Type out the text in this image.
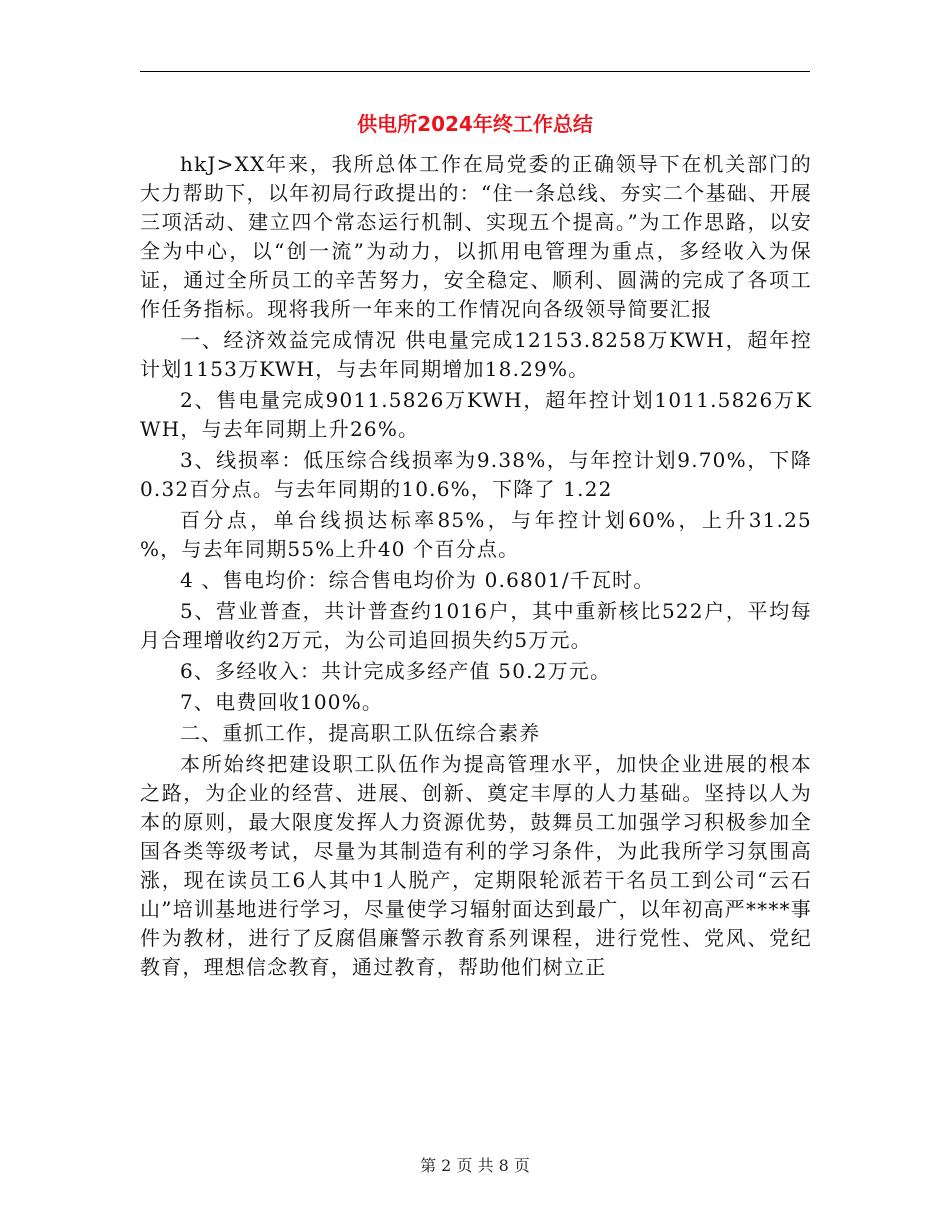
供电所2024年终工作总结

hkJ>XX年来，我所总体工作在局党委的正确领导下在机关部门的大力帮助下，以年初局行政提出的：“住一条总线、夯实二个基础、开展三项活动、建立四个常态运行机制、实现五个提高。”为工作思路，以安全为中心，以“创一流”为动力，以抓用电管理为重点，多经收入为保证，通过全所员工的辛苦努力，安全稳定、顺利、圆满的完成了各项工作任务指标。现将我所一年来的工作情况向各级领导简要汇报

一、经济效益完成情况 供电量完成12153.8258万KWH，超年控计划1153万KWH，与去年同期增加18.29%。

2、售电量完成9011.5826万KWH，超年控计划1011.5826万KWH，与去年同期上升26%。

3、线损率：低压综合线损率为9.38%，与年控计划9.70%，下降0.32百分点。与去年同期的10.6%，下降了 1.22

百分点，单台线损达标率85%，与年控计划60%，上升31.25 %，与去年同期55%上升40 个百分点。

4 、售电均价：综合售电均价为 0.6801/千瓦时。

5、营业普查，共计普查约1016户，其中重新核比522户，平均每月合理增收约2万元，为公司追回损失约5万元。

6、多经收入：共计完成多经产值 50.2万元。

7、电费回收100%。

二、重抓工作，提高职工队伍综合素养

本所始终把建设职工队伍作为提高管理水平，加快企业进展的根本之路，为企业的经营、进展、创新、奠定丰厚的人力基础。坚持以人为本的原则，最大限度发挥人力资源优势，鼓舞员工加强学习积极参加全国各类等级考试，尽量为其制造有利的学习条件，为此我所学习氛围高涨，现在读员工6人其中1人脱产，定期限轮派若干名员工到公司“云石山”培训基地进行学习，尽量使学习辐射面达到最广，以年初高严****事件为教材，进行了反腐倡廉警示教育系列课程，进行党性、党风、党纪教育，理想信念教育，通过教育，帮助他们树立正

第 2 页 共 8 页
